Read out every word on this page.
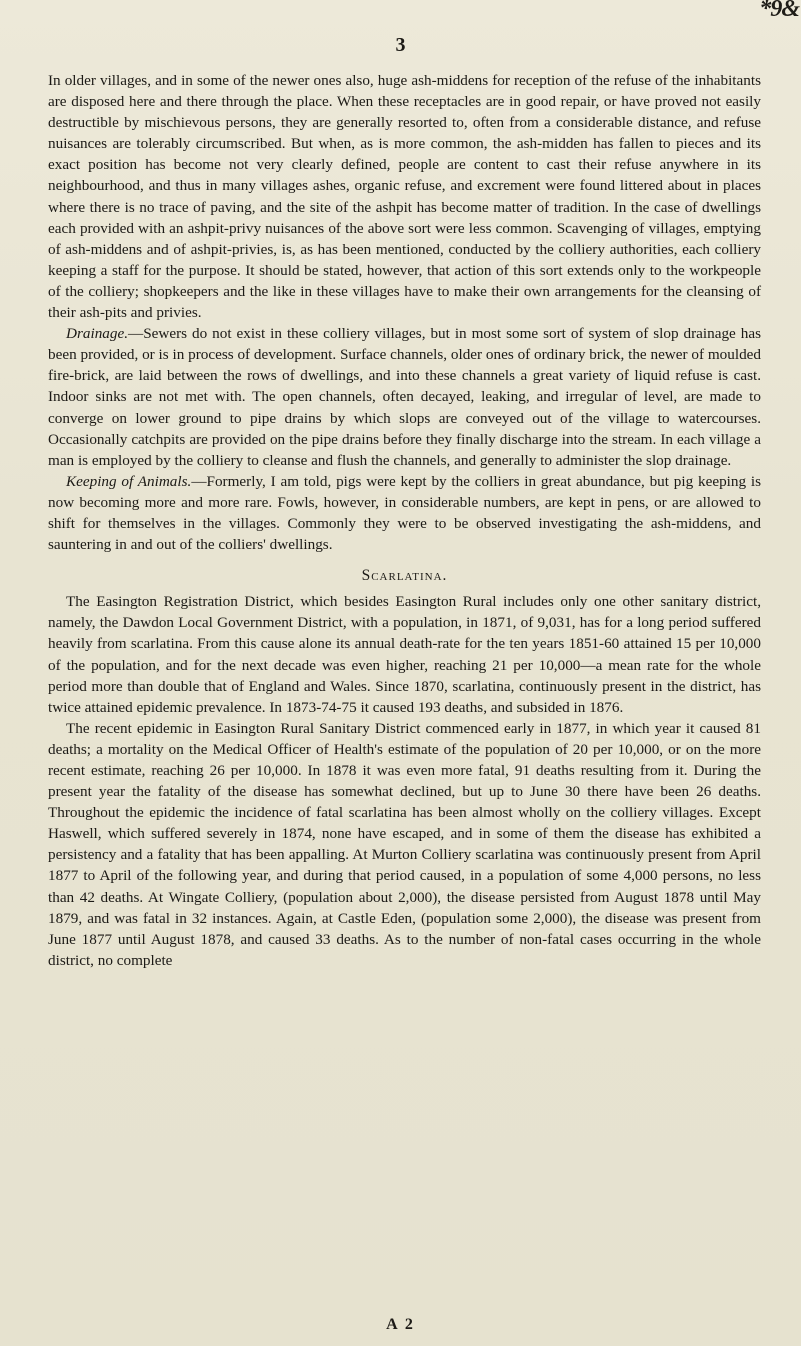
*9&
3

In older villages, and in some of the newer ones also, huge ash-middens for reception of the refuse of the inhabitants are disposed here and there through the place. When these receptacles are in good repair, or have proved not easily destructible by mischievous persons, they are generally resorted to, often from a considerable distance, and refuse nuisances are tolerably circumscribed. But when, as is more common, the ash-midden has fallen to pieces and its exact position has become not very clearly defined, people are content to cast their refuse anywhere in its neighbourhood, and thus in many villages ashes, organic refuse, and excrement were found littered about in places where there is no trace of paving, and the site of the ashpit has become matter of tradition. In the case of dwellings each provided with an ashpit-privy nuisances of the above sort were less common. Scavenging of villages, emptying of ash-middens and of ashpit-privies, is, as has been mentioned, conducted by the colliery authorities, each colliery keeping a staff for the purpose. It should be stated, however, that action of this sort extends only to the workpeople of the colliery; shopkeepers and the like in these villages have to make their own arrangements for the cleansing of their ash-pits and privies.

Drainage.—Sewers do not exist in these colliery villages, but in most some sort of system of slop drainage has been provided, or is in process of development. Surface channels, older ones of ordinary brick, the newer of moulded fire-brick, are laid between the rows of dwellings, and into these channels a great variety of liquid refuse is cast. Indoor sinks are not met with. The open channels, often decayed, leaking, and irregular of level, are made to converge on lower ground to pipe drains by which slops are conveyed out of the village to watercourses. Occasionally catchpits are provided on the pipe drains before they finally discharge into the stream. In each village a man is employed by the colliery to cleanse and flush the channels, and generally to administer the slop drainage.

Keeping of Animals.—Formerly, I am told, pigs were kept by the colliers in great abundance, but pig keeping is now becoming more and more rare. Fowls, however, in considerable numbers, are kept in pens, or are allowed to shift for themselves in the villages. Commonly they were to be observed investigating the ash-middens, and sauntering in and out of the colliers' dwellings.

Scarlatina.

The Easington Registration District, which besides Easington Rural includes only one other sanitary district, namely, the Dawdon Local Government District, with a population, in 1871, of 9,031, has for a long period suffered heavily from scarlatina. From this cause alone its annual death-rate for the ten years 1851-60 attained 15 per 10,000 of the population, and for the next decade was even higher, reaching 21 per 10,000—a mean rate for the whole period more than double that of England and Wales. Since 1870, scarlatina, continuously present in the district, has twice attained epidemic prevalence. In 1873-74-75 it caused 193 deaths, and subsided in 1876.

The recent epidemic in Easington Rural Sanitary District commenced early in 1877, in which year it caused 81 deaths; a mortality on the Medical Officer of Health's estimate of the population of 20 per 10,000, or on the more recent estimate, reaching 26 per 10,000. In 1878 it was even more fatal, 91 deaths resulting from it. During the present year the fatality of the disease has somewhat declined, but up to June 30 there have been 26 deaths. Throughout the epidemic the incidence of fatal scarlatina has been almost wholly on the colliery villages. Except Haswell, which suffered severely in 1874, none have escaped, and in some of them the disease has exhibited a persistency and a fatality that has been appalling. At Murton Colliery scarlatina was continuously present from April 1877 to April of the following year, and during that period caused, in a population of some 4,000 persons, no less than 42 deaths. At Wingate Colliery, (population about 2,000), the disease persisted from August 1878 until May 1879, and was fatal in 32 instances. Again, at Castle Eden, (population some 2,000), the disease was present from June 1877 until August 1878, and caused 33 deaths. As to the number of non-fatal cases occurring in the whole district, no complete

A 2
